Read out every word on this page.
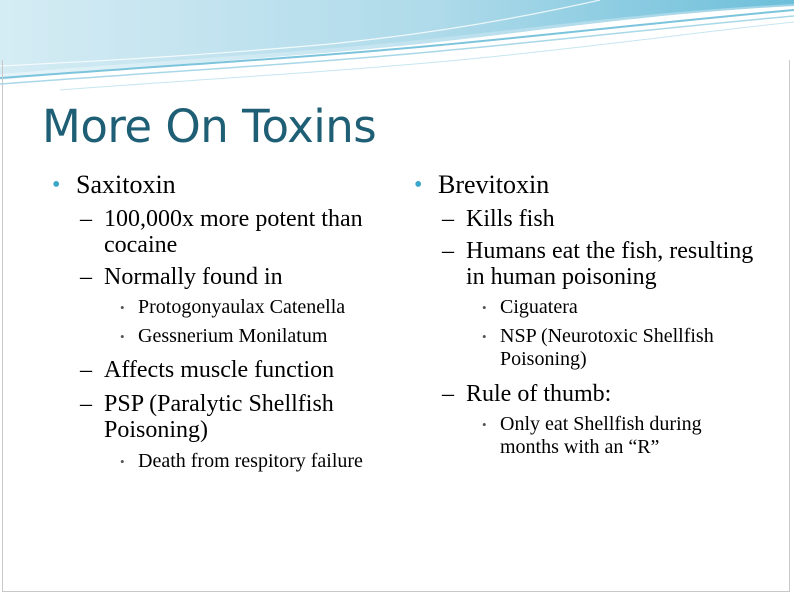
More On Toxins
• Saxitoxin
– 100,000x more potent than cocaine
– Normally found in
• Protogonyaulax Catenella
• Gessnerium Monilatum
– Affects muscle function
– PSP (Paralytic Shellfish Poisoning)
• Death from respitory failure
• Brevitoxin
– Kills fish
– Humans eat the fish, resulting in human poisoning
• Ciguatera
• NSP (Neurotoxic Shellfish Poisoning)
– Rule of thumb:
• Only eat Shellfish during months with an “R”
